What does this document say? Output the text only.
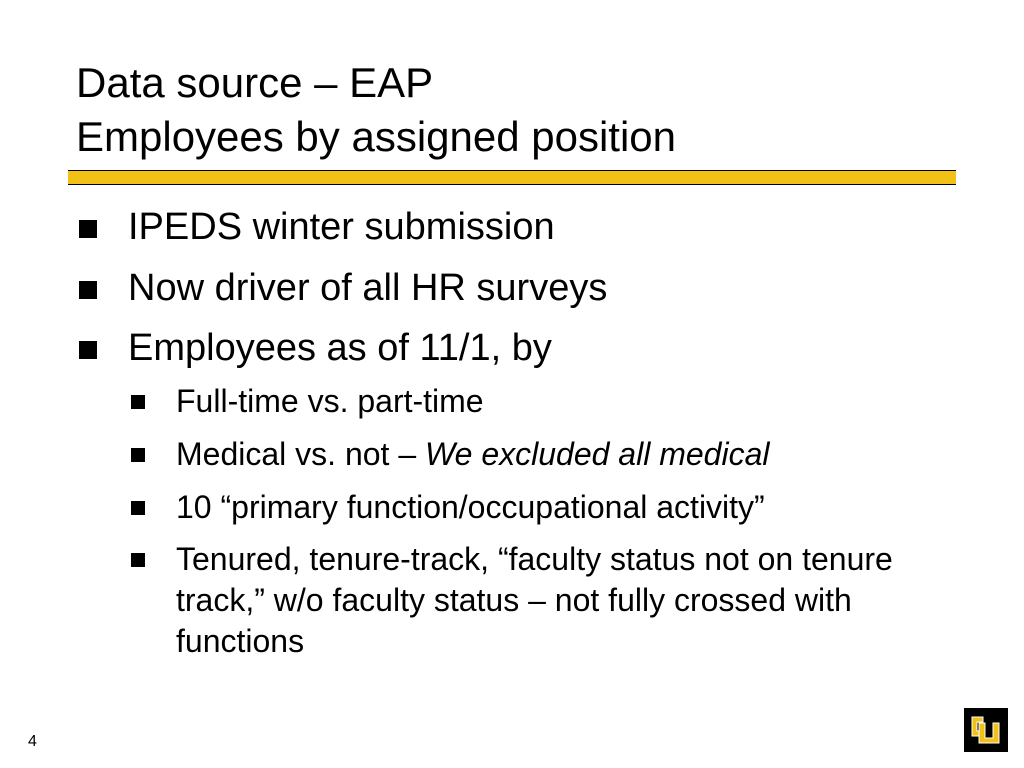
Data source – EAP
Employees by assigned position
IPEDS winter submission
Now driver of all HR surveys
Employees as of 11/1, by
Full-time vs. part-time
Medical vs. not – We excluded all medical
10 “primary function/occupational activity”
Tenured, tenure-track, “faculty status not on tenure track,” w/o faculty status – not fully crossed with functions
4
